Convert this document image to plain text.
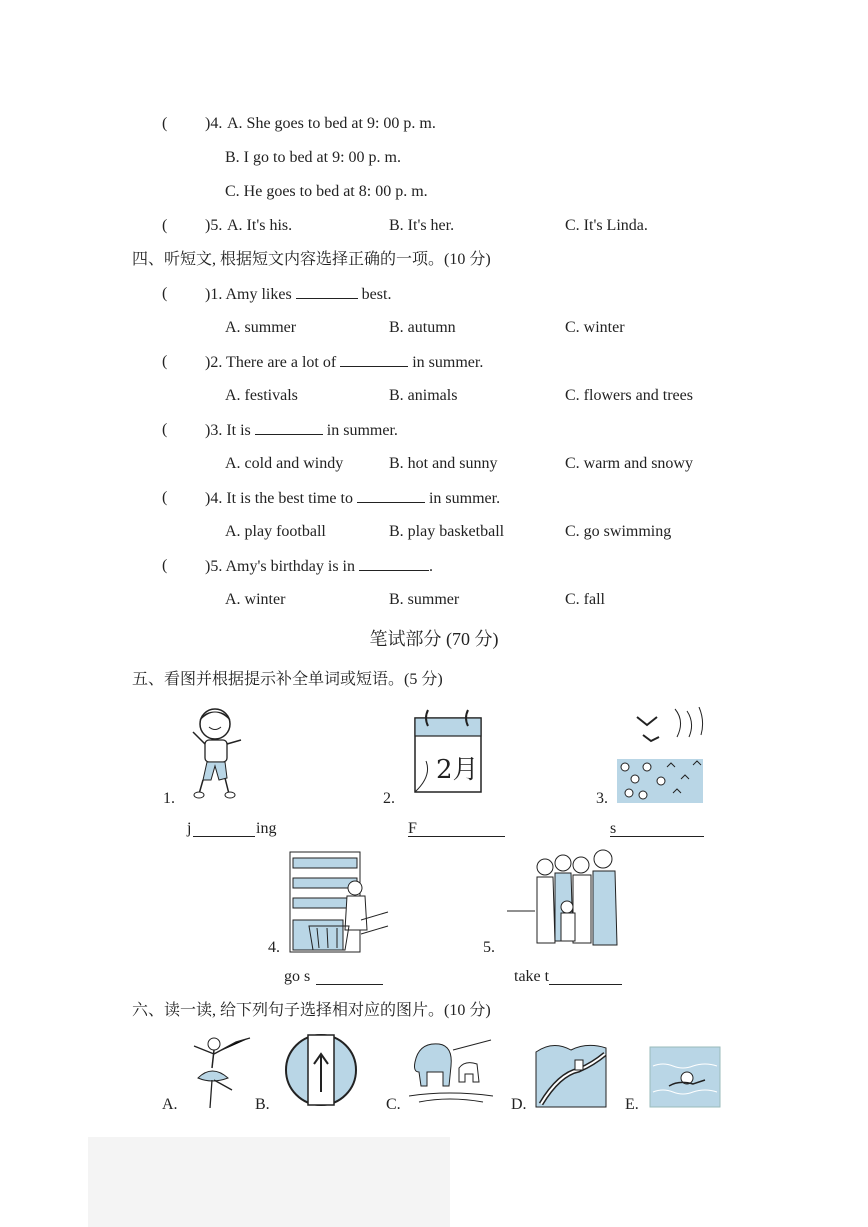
( )4. A. She goes to bed at 9: 00 p. m.
B. I go to bed at 9: 00 p. m.
C. He goes to bed at 8: 00 p. m.
( )5. A. It's his.	B. It's her.	C. It's Linda.
四、听短文, 根据短文内容选择正确的一项。(10 分)
( )1. Amy likes	best.
A. summer	B. autumn	C. winter
( )2. There are a lot of	in summer.
A. festivals	B. animals	C. flowers and trees
( )3. It is	in summer.
A. cold and windy	B. hot and sunny	C. warm and snowy
( )4. It is the best time to	in summer.
A. play football	B. play basketball	C. go swimming
( )5. Amy's birthday is in	.
A. winter	B. summer	C. fall
笔试部分 (70 分)
五、看图并根据提示补全单词或短语。(5 分)
1.
2月
2.	3.
j	ing	F	s
4.	5.
go s	take t
六、读一读, 给下列句子选择相对应的图片。(10 分)
A.	B.	C.	D.	E.
